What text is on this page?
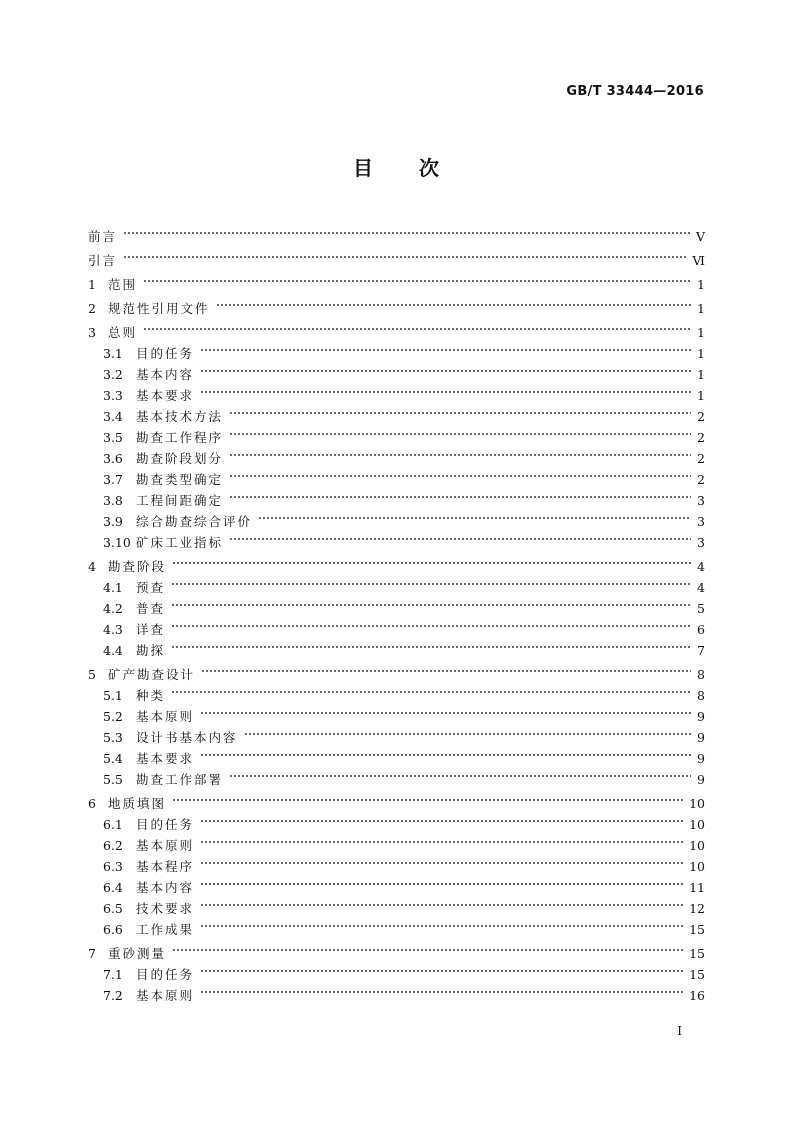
GB/T 33444—2016
目 次
前言	Ⅴ
引言	Ⅵ
1 范围	1
2 规范性引用文件	1
3 总则	1
3.1	目的任务	1
3.2	基本内容	1
3.3	基本要求	1
3.4	基本技术方法	2
3.5	勘查工作程序	2
3.6	勘查阶段划分	2
3.7	勘查类型确定	2
3.8	工程间距确定	3
3.9	综合勘查综合评价	3
3.10 矿床工业指标	3
4 勘查阶段	4
4.1	预查	4
4.2	普查	5
4.3	详查	6
4.4	勘探	7
5 矿产勘查设计	8
5.1	种类	8
5.2	基本原则	9
5.3	设计书基本内容	9
5.4	基本要求	9
5.5	勘查工作部署	9
6 地质填图	10
6.1	目的任务	10
6.2	基本原则	10
6.3	基本程序	10
6.4	基本内容	11
6.5	技术要求	12
6.6	工作成果	15
7 重砂测量	15
7.1	目的任务	15
7.2	基本原则	16
Ⅰ
